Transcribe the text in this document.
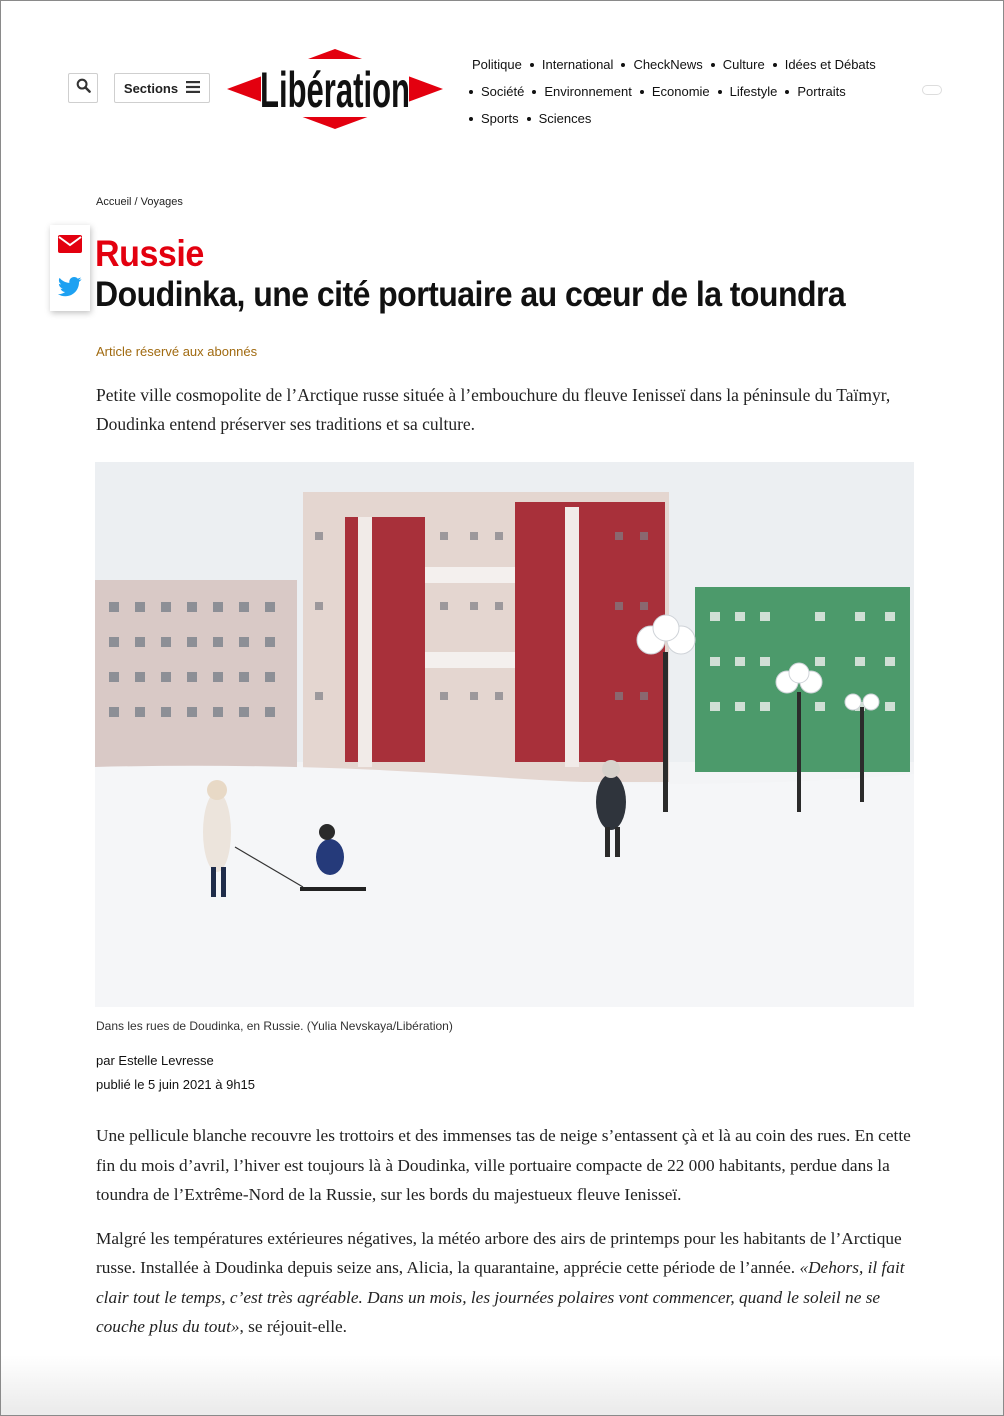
Sections Libération	Politique International CheckNews Culture Idées et Débats
Société Environnement Economie Lifestyle Portraits
Sports Sciences
Accueil / Voyages
Russie
Doudinka, une cité portuaire au cœur de la toundra
Article réservé aux abonnés
Petite ville cosmopolite de l’Arctique russe située à l’embouchure du fleuve Ienisseï dans la péninsule du Taïmyr, Doudinka entend préserver ses traditions et sa culture.
Dans les rues de Doudinka, en Russie. (Yulia Nevskaya/Libération)
par Estelle Levresse
publié le 5 juin 2021 à 9h15

Une pellicule blanche recouvre les trottoirs et des immenses tas de neige s’entassent çà et là au coin des rues. En cette fin du mois d’avril, l’hiver est toujours là à Doudinka, ville portuaire compacte de 22 000 habitants, perdue dans la toundra de l’Extrême-Nord de la Russie, sur les bords du majestueux fleuve Ienisseï.

Malgré les températures extérieures négatives, la météo arbore des airs de printemps pour les habitants de l’Arctique russe. Installée à Doudinka depuis seize ans, Alicia, la quarantaine, apprécie cette période de l’année. «Dehors, il fait clair tout le temps, c’est très agréable. Dans un mois, les journées polaires vont commencer, quand le soleil ne se couche plus du tout», se réjouit-elle.
